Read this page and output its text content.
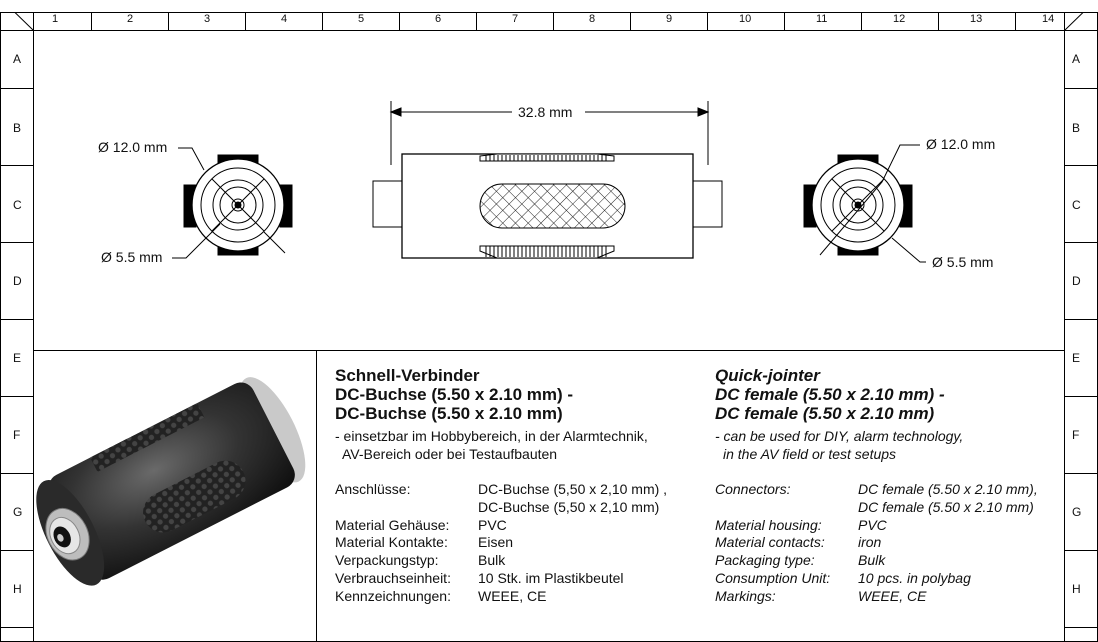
1	2	3	4	5	6	7	8	9	10	11	12	13	14
A	A
B	B
C	C
D	D
E	E
F	F
G	G
H	H
Ø 12.0 mm
Ø 5.5 mm
32.8 mm
Ø 12.0 mm
Ø 5.5 mm
Schnell-Verbinder
DC-Buchse (5.50 x 2.10 mm) -
DC-Buchse (5.50 x 2.10 mm)
- einsetzbar im Hobbybereich, in der Alarmtechnik,
AV-Bereich oder bei Testaufbauten
Anschlüsse:	DC-Buchse (5,50 x 2,10 mm) ,
DC-Buchse (5,50 x 2,10 mm)
Material Gehäuse: PVC
Material Kontakte: Eisen
Verpackungstyp:	Bulk
Verbrauchseinheit: 10 Stk. im Plastikbeutel
Kennzeichnungen: WEEE, CE
Quick-jointer
DC female (5.50 x 2.10 mm) -
DC female (5.50 x 2.10 mm)
- can be used for DIY, alarm technology,
in the AV field or test setups
Connectors:	DC female (5.50 x 2.10 mm),
DC female (5.50 x 2.10 mm)
Material housing:	PVC
Material contacts: iron
Packaging type:	Bulk
Consumption Unit: 10 pcs. in polybag
Markings:	WEEE, CE
